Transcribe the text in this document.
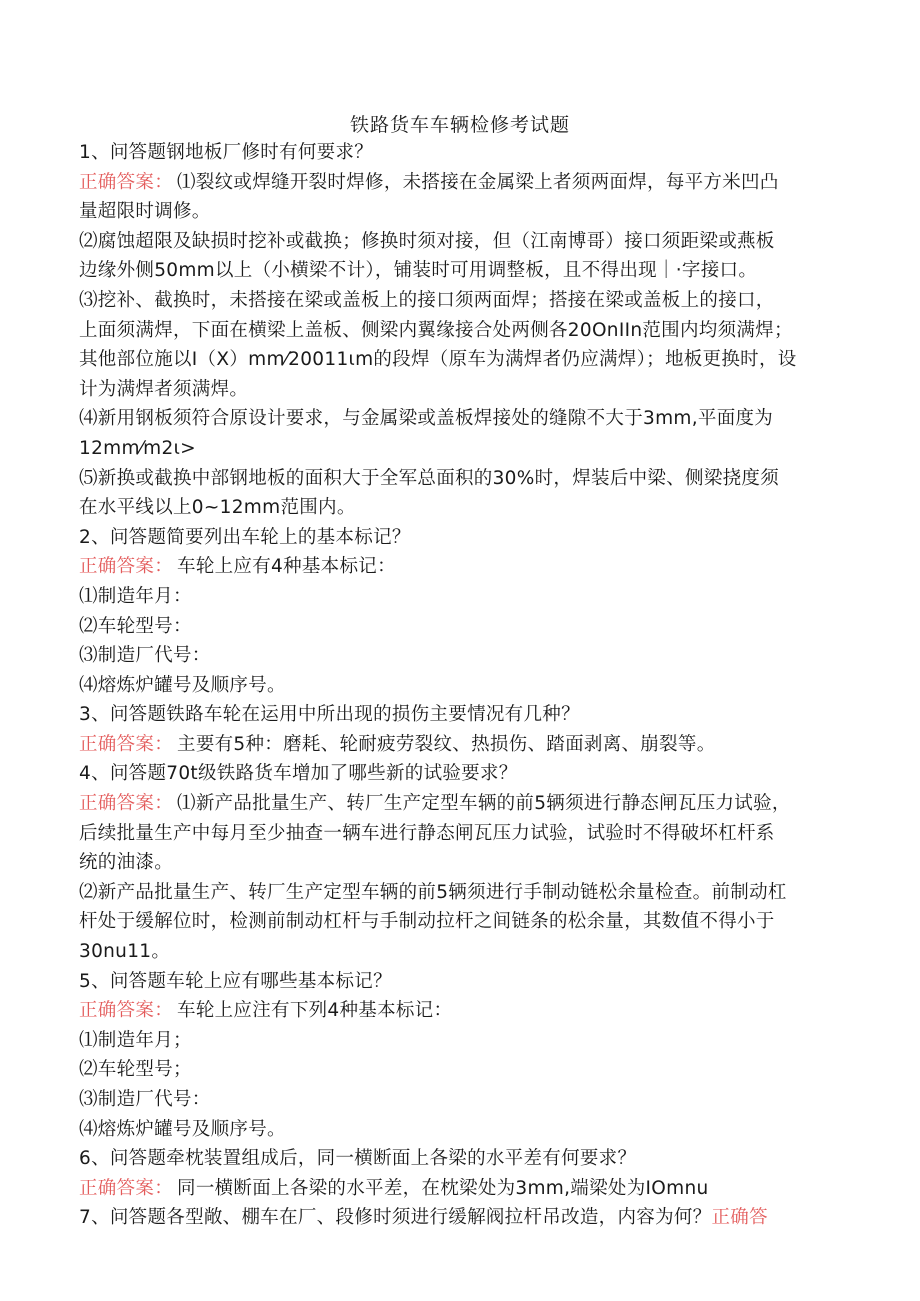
铁路货车车辆检修考试题
1、问答题钢地板厂修时有何要求？
正确答案： ⑴裂纹或焊缝开裂时焊修，未搭接在金属梁上者须两面焊，每平方米凹凸
量超限时调修。
⑵腐蚀超限及缺损时挖补或截换；修换时须对接，但（江南博哥）接口须距梁或燕板
边缘外侧50mm以上（小横梁不计），铺装时可用调整板，且不得出现｜·字接口。
⑶挖补、截换时，未搭接在梁或盖板上的接口须两面焊；搭接在梁或盖板上的接口，
上面须满焊，下面在横梁上盖板、侧梁内翼缘接合处两侧各20OnIIn范围内均须满焊；
其他部位施以I（X）mm⁄20011ιm的段焊（原车为满焊者仍应满焊）；地板更换时，设
计为满焊者须满焊。
⑷新用钢板须符合原设计要求，与金属梁或盖板焊接处的缝隙不大于3mm,平面度为
12mm⁄m2ι>
⑸新换或截换中部钢地板的面积大于全军总面积的30%时，焊装后中梁、侧梁挠度须
在水平线以上0~12mm范围内。
2、问答题简要列出车轮上的基本标记？
正确答案： 车轮上应有4种基本标记：
⑴制造年月：
⑵车轮型号：
⑶制造厂代号：
⑷熔炼炉罐号及顺序号。
3、问答题铁路车轮在运用中所出现的损伤主要情况有几种？
正确答案： 主要有5种：磨耗、轮耐疲劳裂纹、热损伤、踏面剥离、崩裂等。
4、问答题70t级铁路货车增加了哪些新的试验要求？
正确答案： ⑴新产品批量生产、转厂生产定型车辆的前5辆须进行静态闸瓦压力试验，
后续批量生产中每月至少抽查一辆车进行静态闸瓦压力试验，试验时不得破坏杠杆系
统的油漆。
⑵新产品批量生产、转厂生产定型车辆的前5辆须进行手制动链松余量检查。前制动杠
杆处于缓解位时，检测前制动杠杆与手制动拉杆之间链条的松余量，其数值不得小于
30nu11。
5、问答题车轮上应有哪些基本标记？
正确答案： 车轮上应注有下列4种基本标记：
⑴制造年月；
⑵车轮型号；
⑶制造厂代号：
⑷熔炼炉罐号及顺序号。
6、问答题牵枕装置组成后，同一横断面上各梁的水平差有何要求？
正确答案： 同一横断面上各梁的水平差，在枕梁处为3mm,端梁处为IOmnu
7、问答题各型敞、棚车在厂、段修时须进行缓解阀拉杆吊改造，内容为何？正确答
